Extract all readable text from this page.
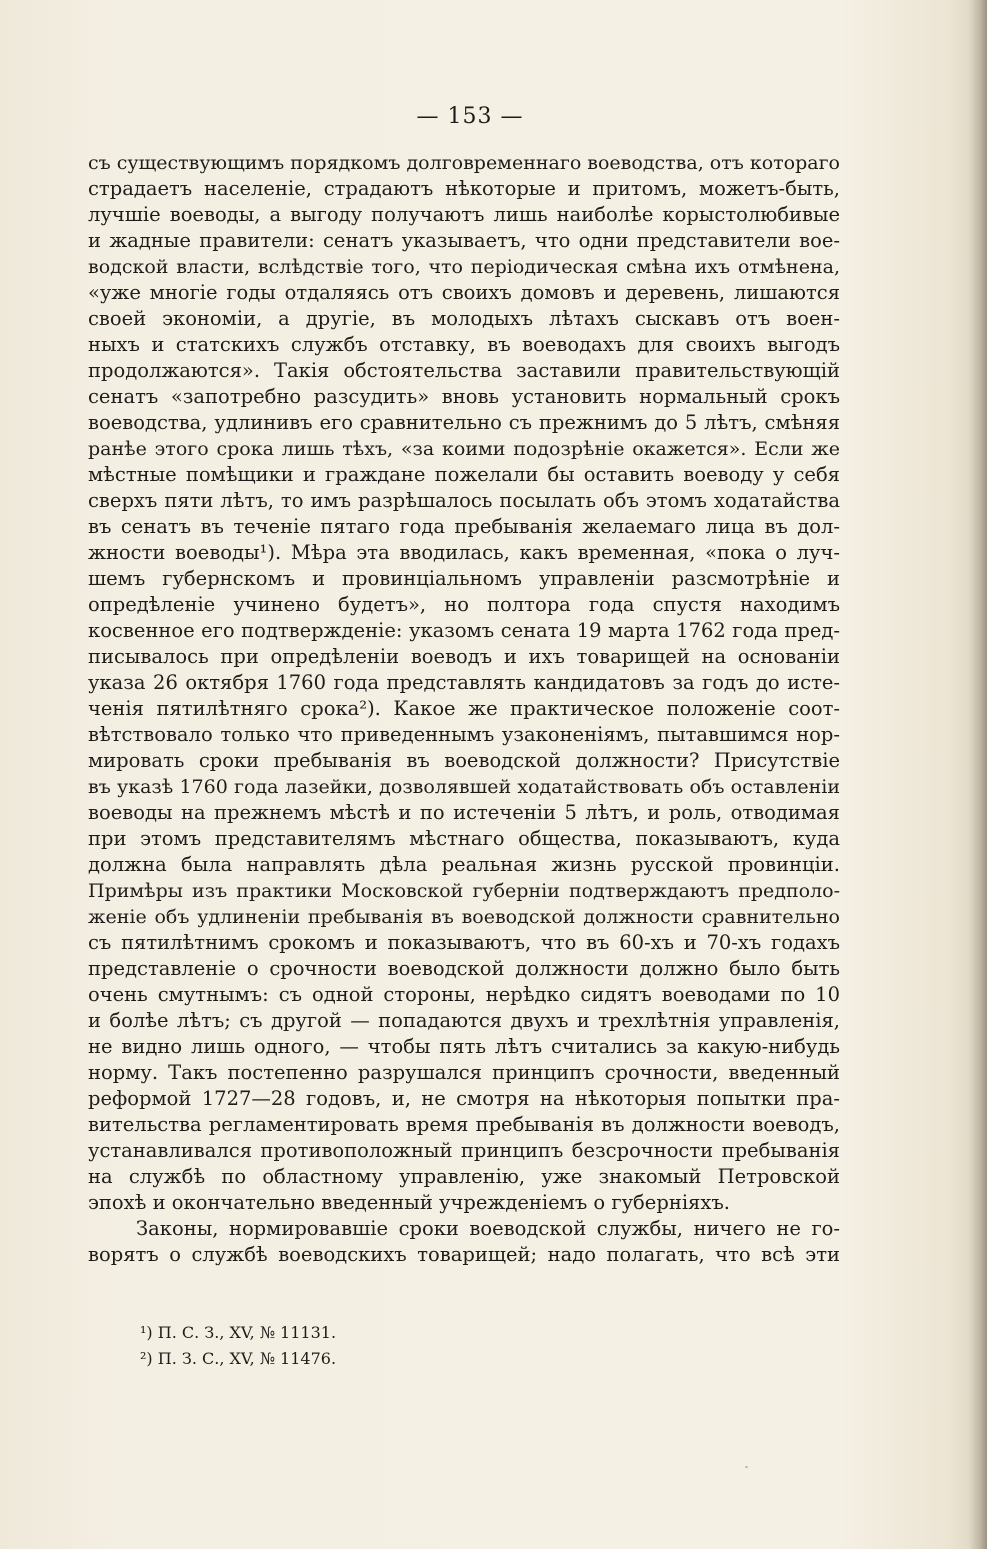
— 153 —
съ существующимъ порядкомъ долговременнаго воеводства, отъ котораго
страдаетъ населеніе, страдаютъ нѣкоторые и притомъ, можетъ-быть,
лучшіе воеводы, а выгоду получаютъ лишь наиболѣе корыстолюбивые
и жадные правители: сенатъ указываетъ, что одни представители вое-
водской власти, вслѣдствіе того, что періодическая смѣна ихъ отмѣнена,
«уже многіе годы отдаляясь отъ своихъ домовъ и деревень, лишаются
своей экономіи, а другіе, въ молодыхъ лѣтахъ сыскавъ отъ воен-
ныхъ и статскихъ службъ отставку, въ воеводахъ для своихъ выгодъ
продолжаются». Такія обстоятельства заставили правительствующій
сенатъ «запотребно разсудить» вновь установить нормальный срокъ
воеводства, удлинивъ его сравнительно съ прежнимъ до 5 лѣтъ, смѣняя
ранѣе этого срока лишь тѣхъ, «за коими подозрѣніе окажется». Если же
мѣстные помѣщики и граждане пожелали бы оставить воеводу у себя
сверхъ пяти лѣтъ, то имъ разрѣшалось посылать объ этомъ ходатайства
въ сенатъ въ теченіе пятаго года пребыванія желаемаго лица въ дол-
жности воеводы¹). Мѣра эта вводилась, какъ временная, «пока о луч-
шемъ губернскомъ и провинціальномъ управленіи разсмотрѣніе и
опредѣленіе учинено будетъ», но полтора года спустя находимъ
косвенное его подтвержденіе: указомъ сената 19 марта 1762 года пред-
писывалось при опредѣленіи воеводъ и ихъ товарищей на основаніи
указа 26 октября 1760 года представлять кандидатовъ за годъ до исте-
ченія пятилѣтняго срока²). Какое же практическое положеніе соот-
вѣтствовало только что приведеннымъ узаконеніямъ, пытавшимся нор-
мировать сроки пребыванія въ воеводской должности? Присутствіе
въ указѣ 1760 года лазейки, дозволявшей ходатайствовать объ оставленіи
воеводы на прежнемъ мѣстѣ и по истеченіи 5 лѣтъ, и роль, отводимая
при этомъ представителямъ мѣстнаго общества, показываютъ, куда
должна была направлять дѣла реальная жизнь русской провинціи.
Примѣры изъ практики Московской губерніи подтверждаютъ предполо-
женіе объ удлиненіи пребыванія въ воеводской должности сравнительно
съ пятилѣтнимъ срокомъ и показываютъ, что въ 60-хъ и 70-хъ годахъ
представленіе о срочности воеводской должности должно было быть
очень смутнымъ: съ одной стороны, нерѣдко сидятъ воеводами по 10
и болѣе лѣтъ; съ другой — попадаются двухъ и трехлѣтнія управленія,
не видно лишь одного, — чтобы пять лѣтъ считались за какую-нибудь
норму. Такъ постепенно разрушался принципъ срочности, введенный
реформой 1727—28 годовъ, и, не смотря на нѣкоторыя попытки пра-
вительства регламентировать время пребыванія въ должности воеводъ,
устанавливался противоположный принципъ безсрочности пребыванія
на службѣ по областному управленію, уже знакомый Петровской
эпохѣ и окончательно введенный учрежденіемъ о губерніяхъ.
Законы, нормировавшіе сроки воеводской службы, ничего не го-
ворятъ о службѣ воеводскихъ товарищей; надо полагать, что всѣ эти
¹) П. С. З., XV, № 11131.
²) П. З. С., XV, № 11476.
